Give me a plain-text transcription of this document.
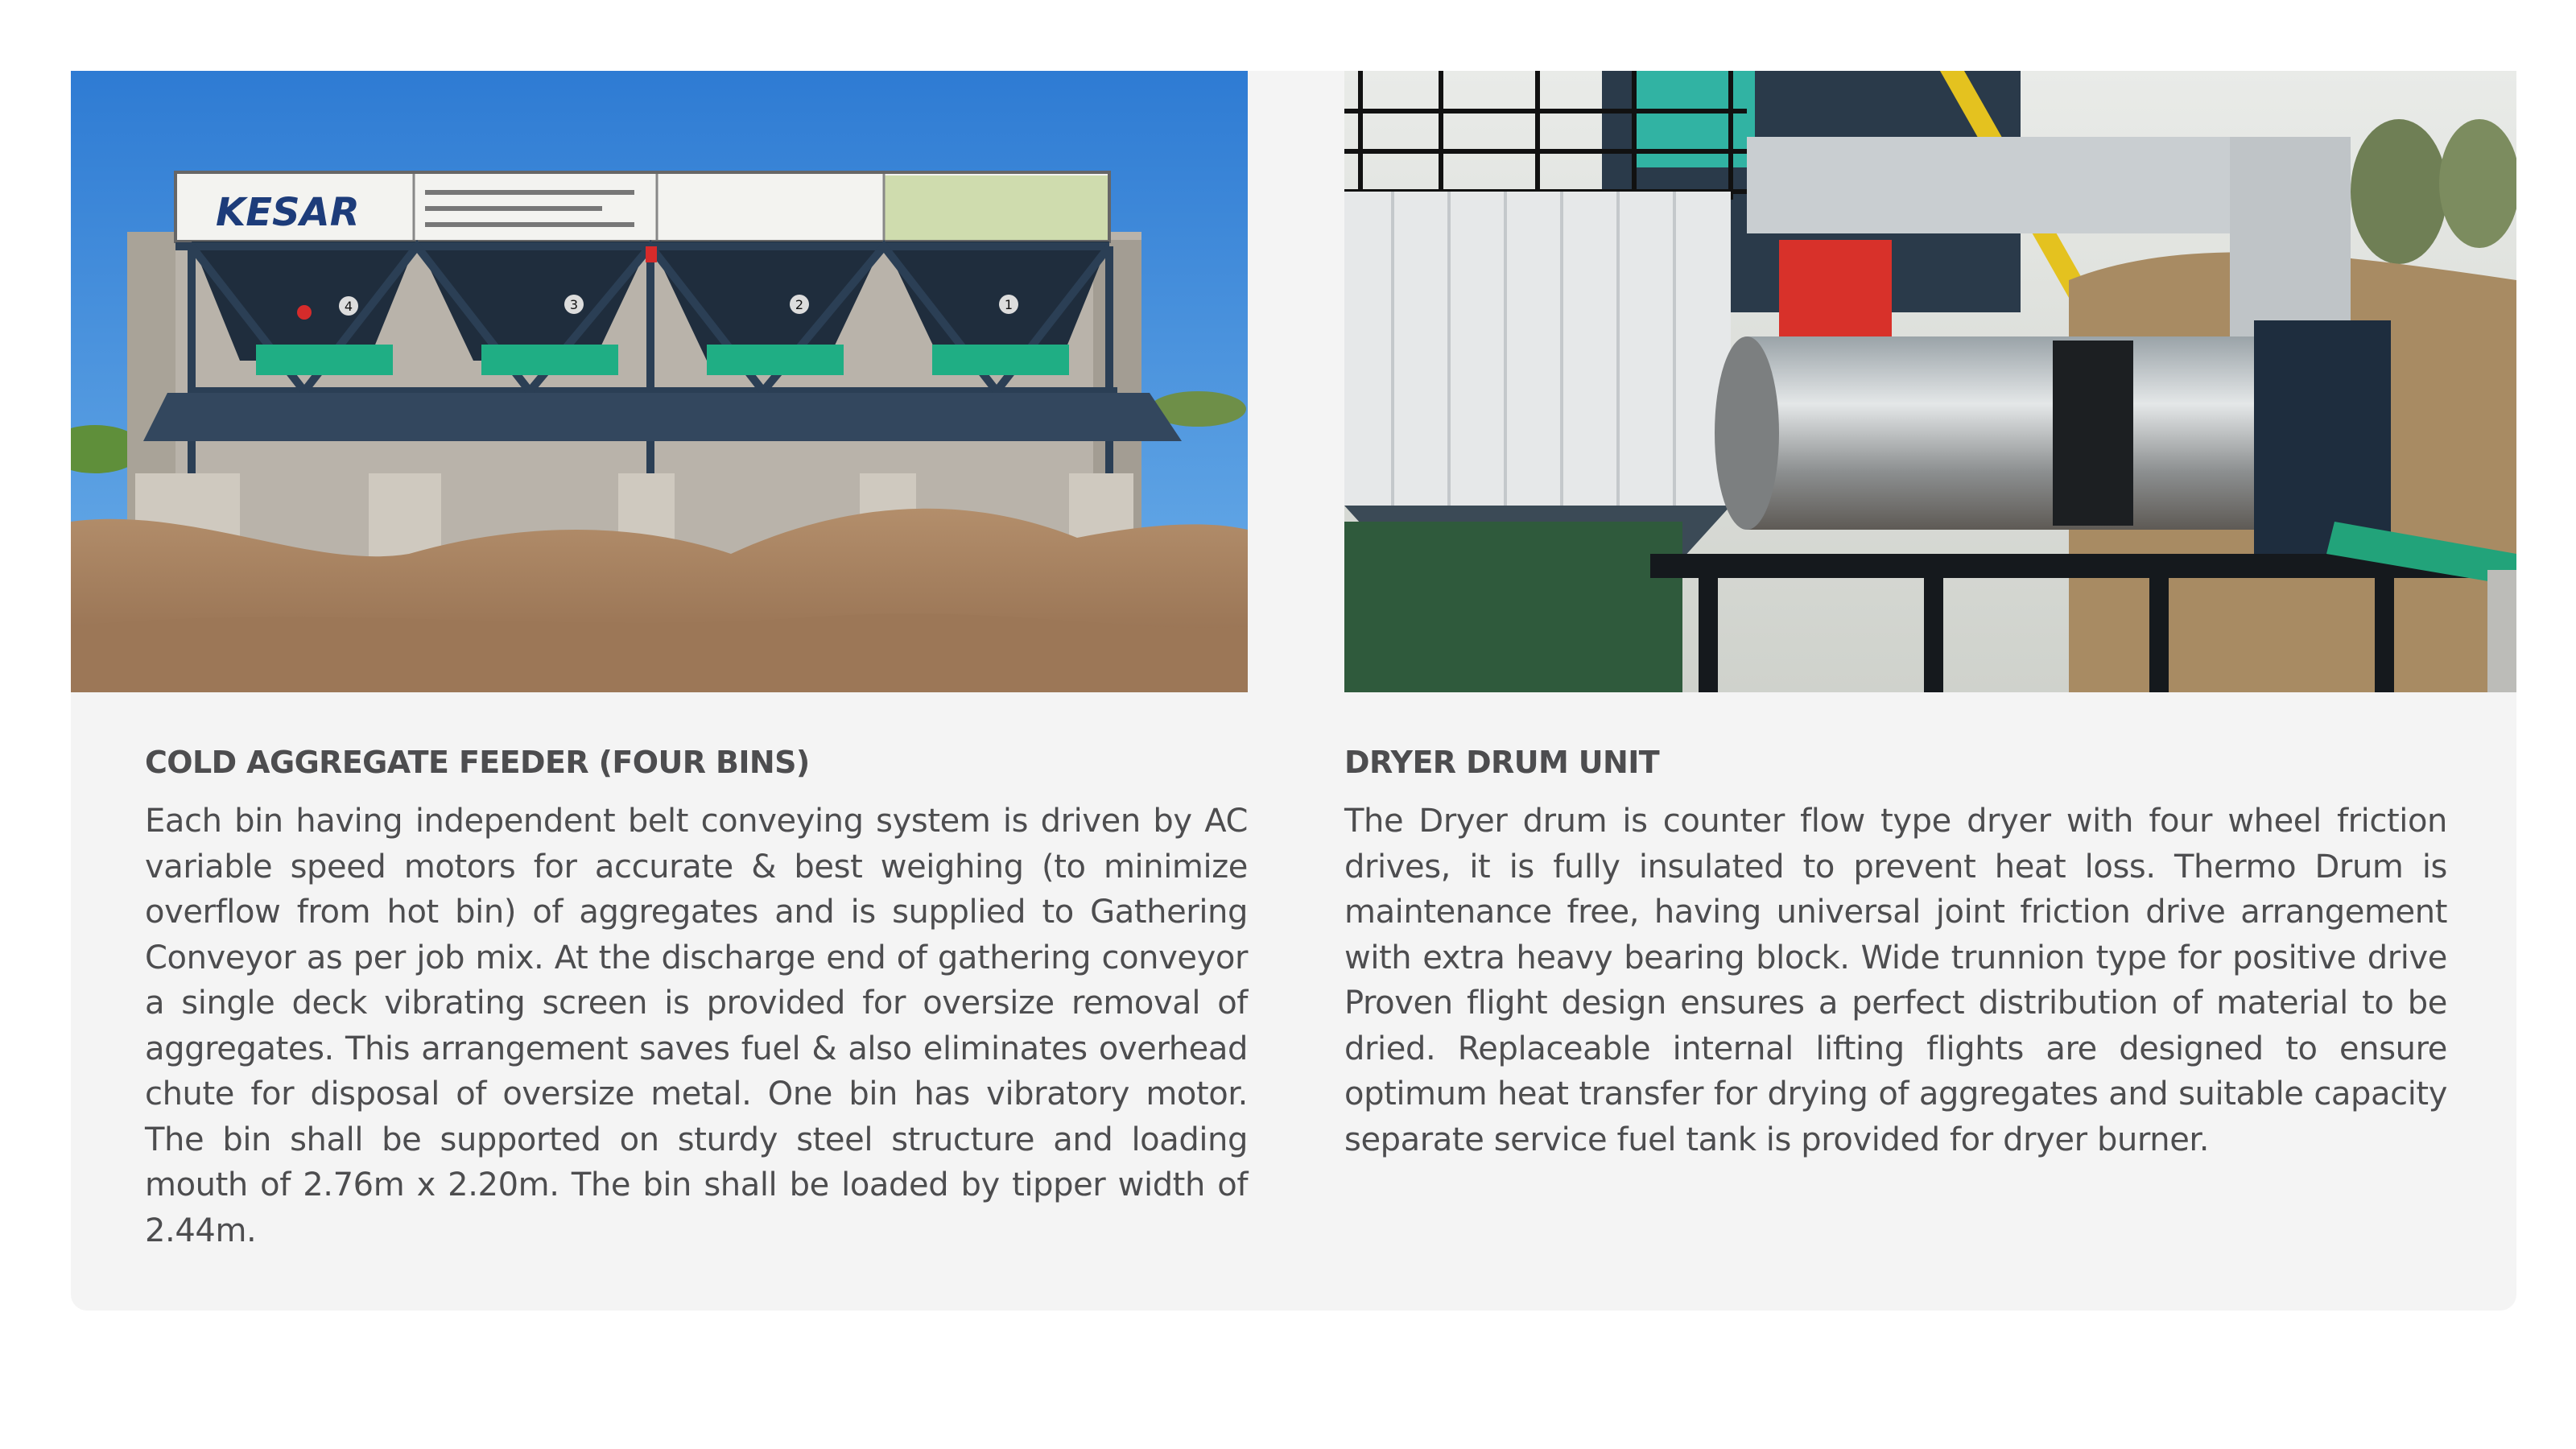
KESAR
4	3	2	1
COLD AGGREGATE FEEDER (FOUR BINS)

Each bin having independent belt conveying system is driven by AC variable speed motors for accurate & best weighing (to minimize overflow from hot bin) of aggregates and is supplied to Gathering Conveyor as per job mix. At the discharge end of gathering conveyor a single deck vibrating screen is provided for oversize removal of aggregates. This arrangement saves fuel & also eliminates overhead chute for disposal of oversize metal. One bin has vibratory motor. The bin shall be supported on sturdy steel structure and loading mouth of 2.76m x 2.20m. The bin shall be loaded by tipper width of 2.44m.

DRYER DRUM UNIT

The Dryer drum is counter flow type dryer with four wheel friction drives, it is fully insulated to prevent heat loss. Thermo Drum is maintenance free, having universal joint friction drive arrangement with extra heavy bearing block. Wide trunnion type for positive drive Proven flight design ensures a perfect distribution of material to be dried. Replaceable internal lifting flights are designed to ensure optimum heat transfer for drying of aggregates and suitable capacity separate service fuel tank is provided for dryer burner.
